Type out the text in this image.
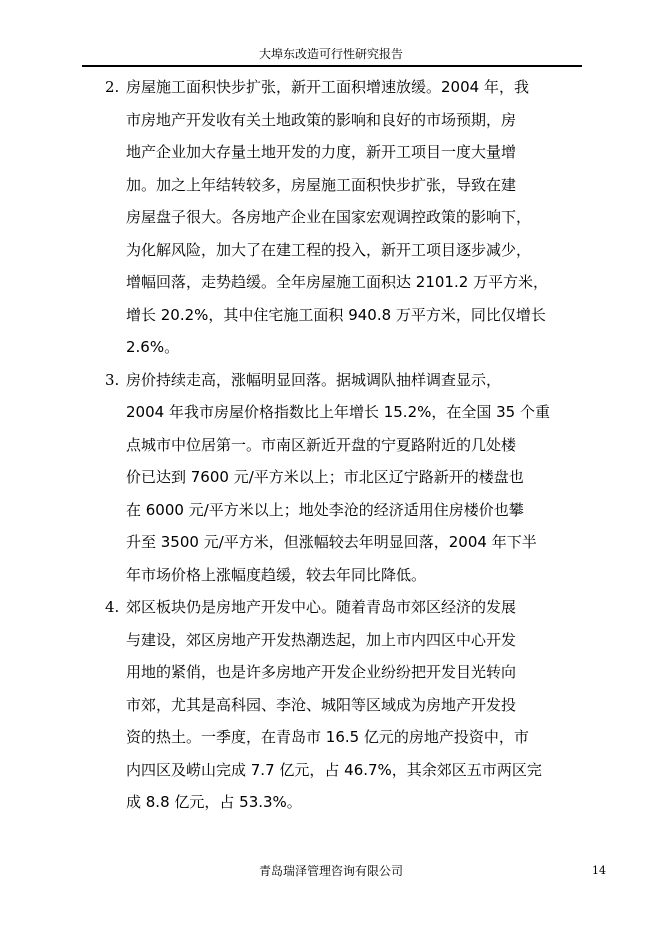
大埠东改造可行性研究报告
2. 房屋施工面积快步扩张，新开工面积增速放缓。2004 年，我
市房地产开发收有关土地政策的影响和良好的市场预期，房
地产企业加大存量土地开发的力度，新开工项目一度大量增
加。加之上年结转较多，房屋施工面积快步扩张，导致在建
房屋盘子很大。各房地产企业在国家宏观调控政策的影响下，
为化解风险，加大了在建工程的投入，新开工项目逐步减少，
增幅回落，走势趋缓。全年房屋施工面积达 2101.2 万平方米，
增长 20.2%，其中住宅施工面积 940.8 万平方米，同比仅增长
2.6%。
3. 房价持续走高，涨幅明显回落。据城调队抽样调查显示，
2004 年我市房屋价格指数比上年增长 15.2%，在全国 35 个重
点城市中位居第一。市南区新近开盘的宁夏路附近的几处楼
价已达到 7600 元/平方米以上；市北区辽宁路新开的楼盘也
在 6000 元/平方米以上；地处李沧的经济适用住房楼价也攀
升至 3500 元/平方米，但涨幅较去年明显回落，2004 年下半
年市场价格上涨幅度趋缓，较去年同比降低。
4. 郊区板块仍是房地产开发中心。随着青岛市郊区经济的发展
与建设，郊区房地产开发热潮迭起，加上市内四区中心开发
用地的紧俏，也是许多房地产开发企业纷纷把开发目光转向
市郊，尤其是高科园、李沧、城阳等区域成为房地产开发投
资的热土。一季度，在青岛市 16.5 亿元的房地产投资中，市
内四区及崂山完成 7.7 亿元，占 46.7%，其余郊区五市两区完
成 8.8 亿元，占 53.3%。
青岛瑞泽管理咨询有限公司	14
